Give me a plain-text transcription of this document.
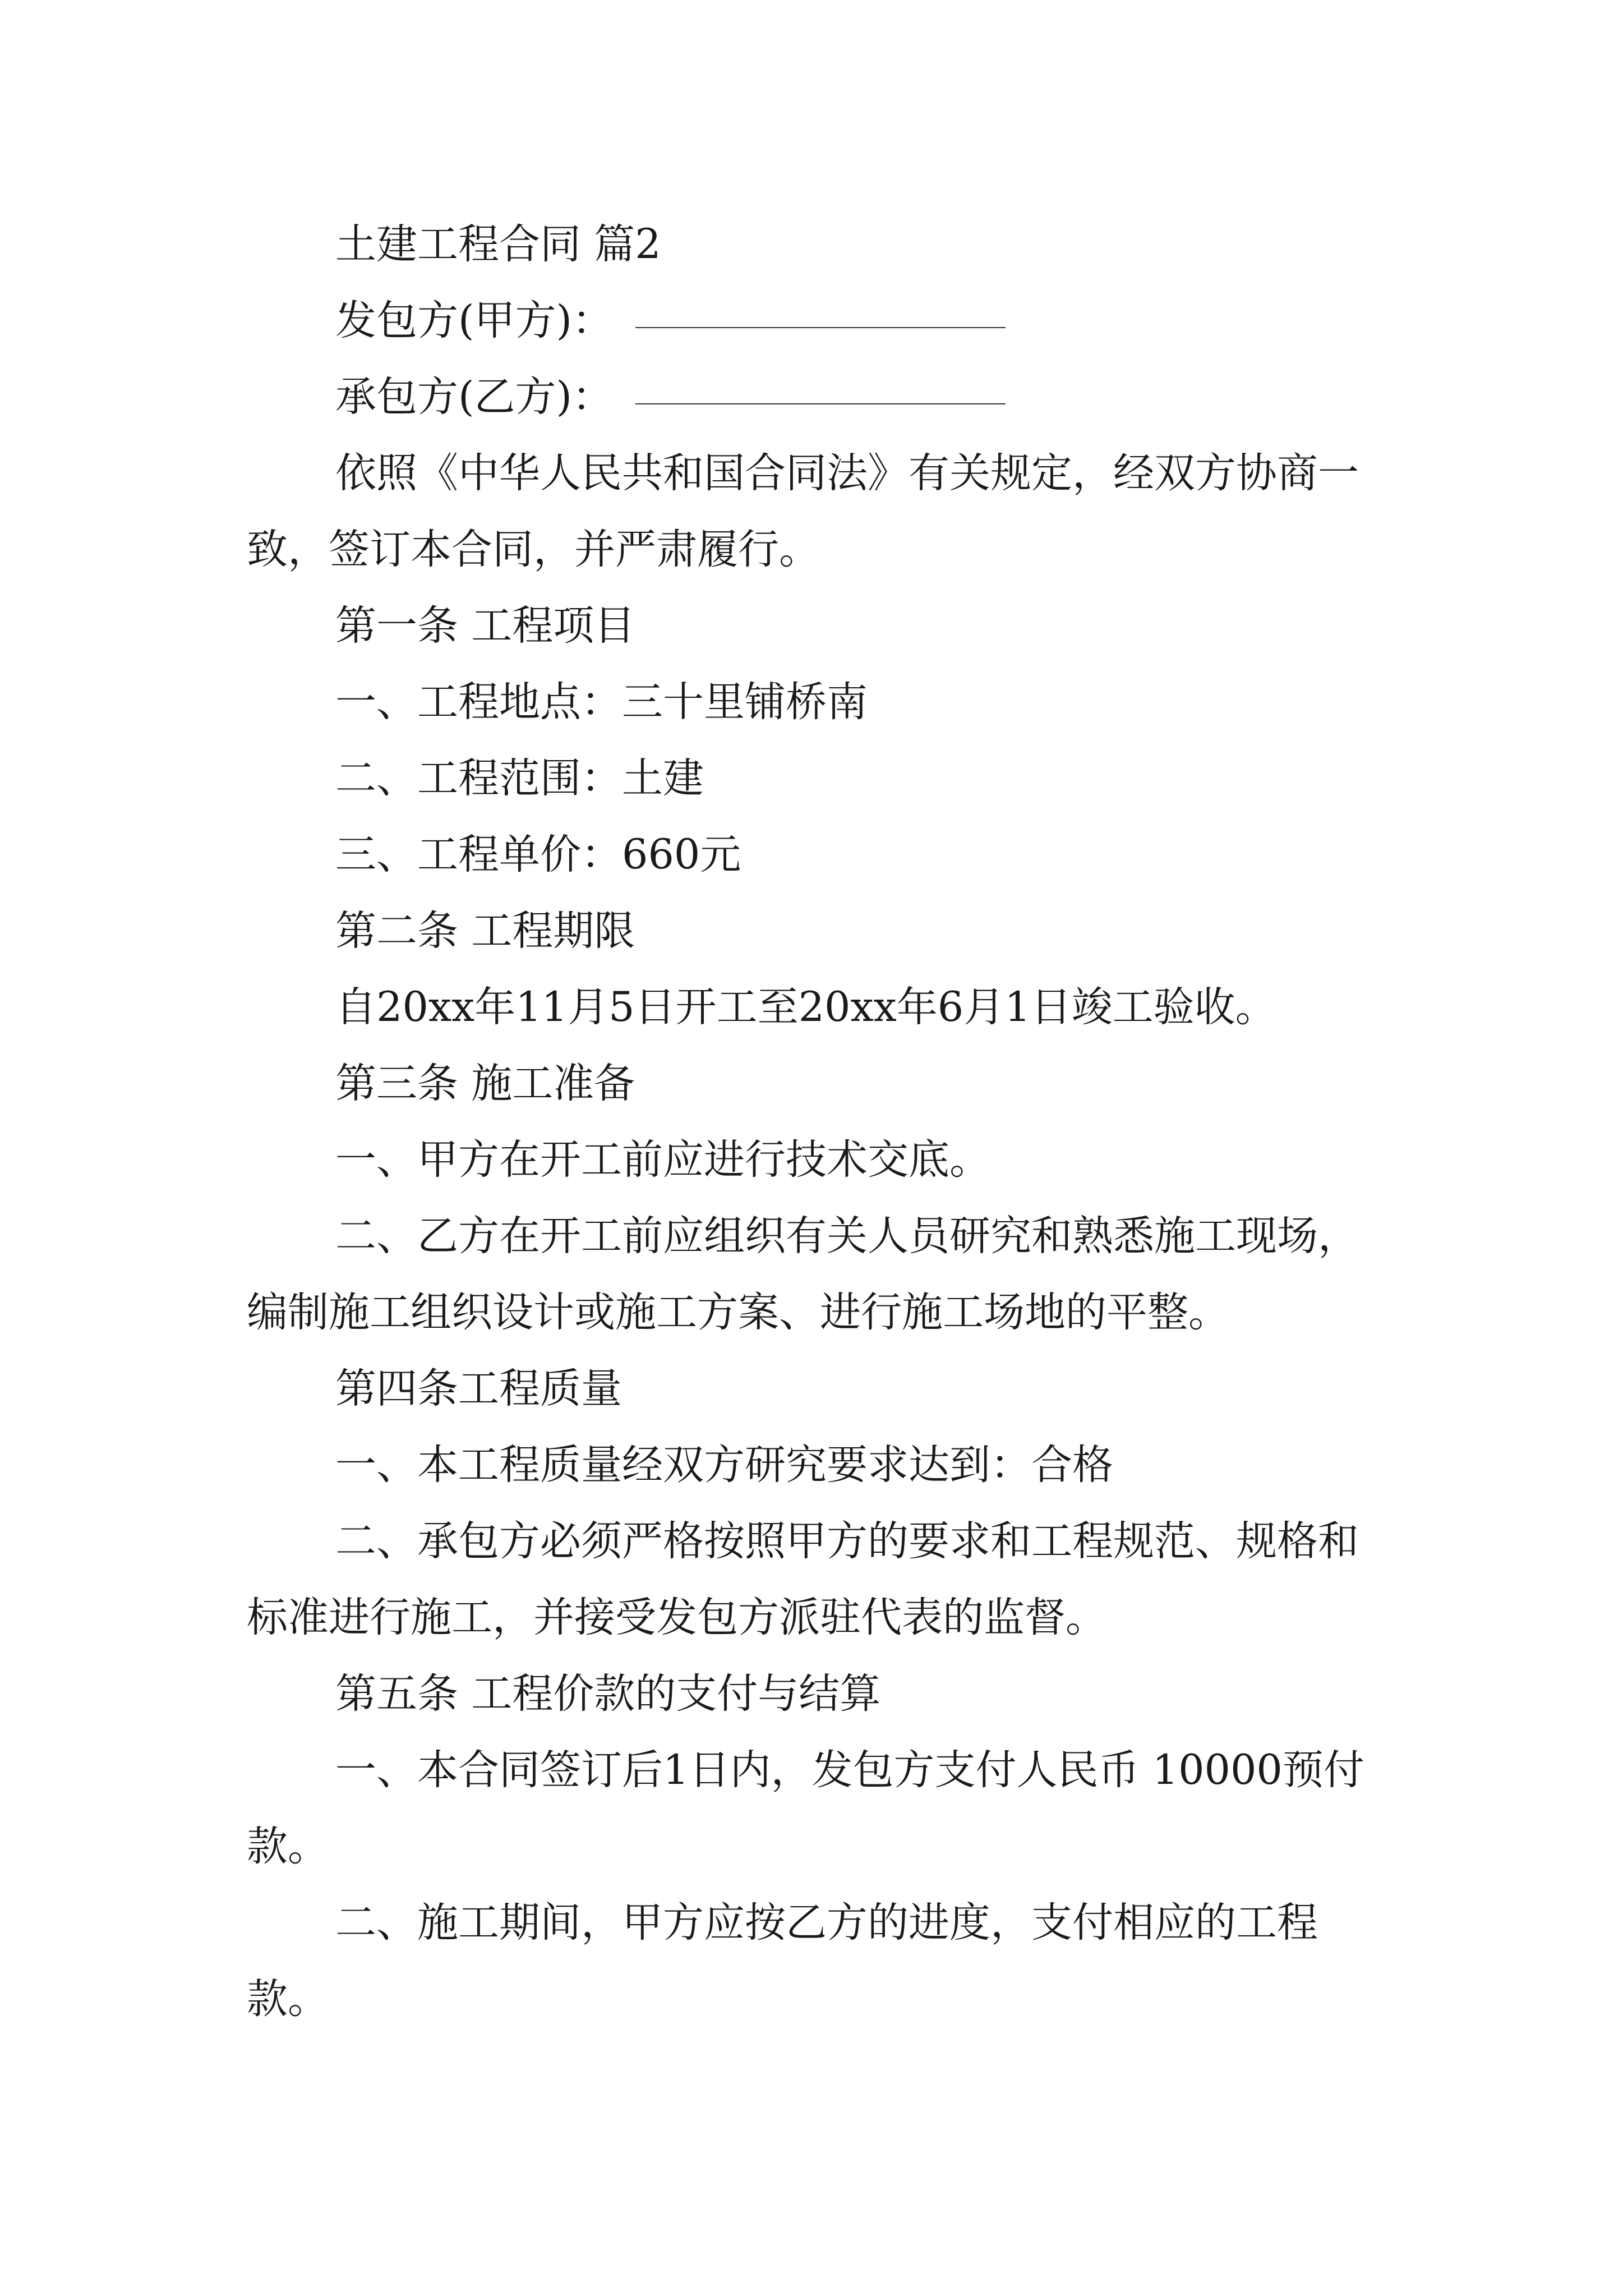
土建工程合同 篇2

发包方(甲方)：

承包方(乙方)：

依照《中华人民共和国合同法》有关规定，经双方协商一致，签订本合同，并严肃履行。

第一条 工程项目

一、工程地点：三十里铺桥南

二、工程范围：土建

三、工程单价：660元

第二条 工程期限

自20xx年11月5日开工至20xx年6月1日竣工验收。

第三条 施工准备

一、甲方在开工前应进行技术交底。

二、乙方在开工前应组织有关人员研究和熟悉施工现场，编制施工组织设计或施工方案、进行施工场地的平整。

第四条工程质量

一、本工程质量经双方研究要求达到：合格

二、承包方必须严格按照甲方的要求和工程规范、规格和标准进行施工，并接受发包方派驻代表的监督。

第五条 工程价款的支付与结算

一、本合同签订后1日内，发包方支付人民币 10000预付款。

二、施工期间，甲方应按乙方的进度，支付相应的工程款。
